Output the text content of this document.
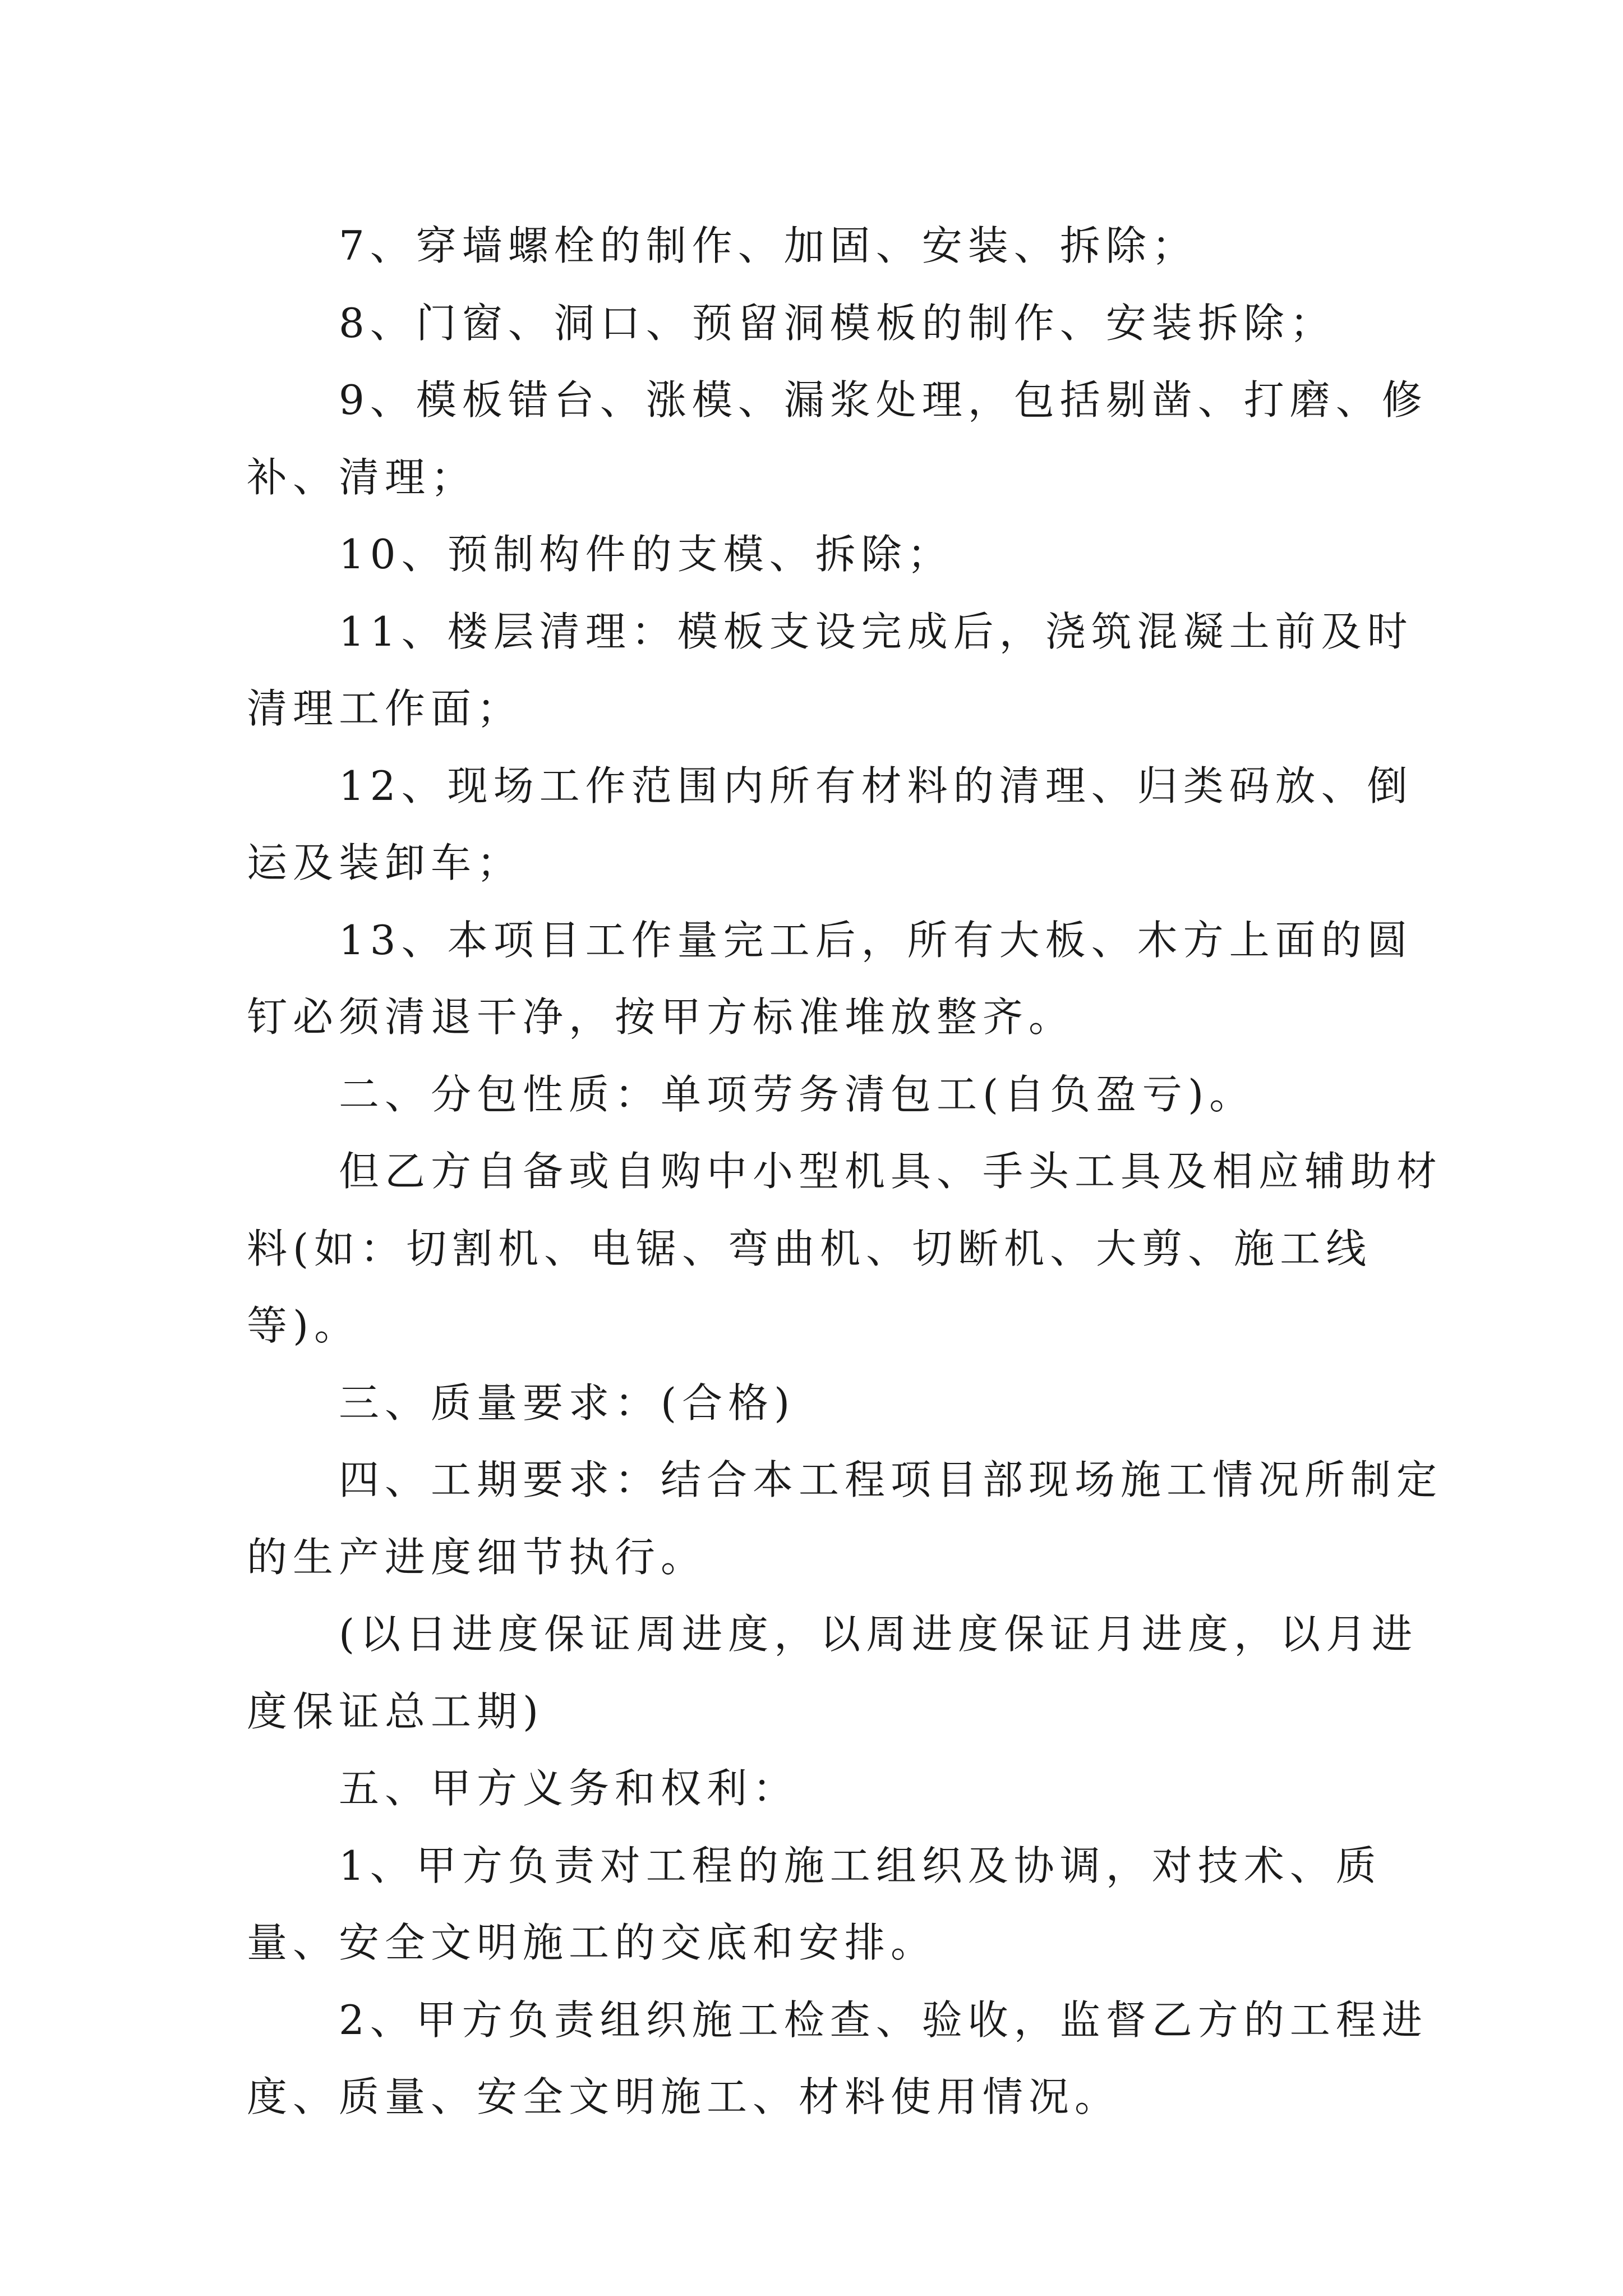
7、穿墙螺栓的制作、加固、安装、拆除；

8、门窗、洞口、预留洞模板的制作、安装拆除；

9、模板错台、涨模、漏浆处理，包括剔凿、打磨、修补、清理；

10、预制构件的支模、拆除；

11、楼层清理：模板支设完成后，浇筑混凝土前及时清理工作面；

12、现场工作范围内所有材料的清理、归类码放、倒运及装卸车；

13、本项目工作量完工后，所有大板、木方上面的圆钉必须清退干净，按甲方标准堆放整齐。

二、分包性质：单项劳务清包工(自负盈亏)。

但乙方自备或自购中小型机具、手头工具及相应辅助材料(如：切割机、电锯、弯曲机、切断机、大剪、施工线等)。

三、质量要求：(合格)

四、工期要求：结合本工程项目部现场施工情况所制定的生产进度细节执行。

(以日进度保证周进度，以周进度保证月进度，以月进度保证总工期)

五、甲方义务和权利：

1、甲方负责对工程的施工组织及协调，对技术、质量、安全文明施工的交底和安排。

2、甲方负责组织施工检查、验收，监督乙方的工程进度、质量、安全文明施工、材料使用情况。
